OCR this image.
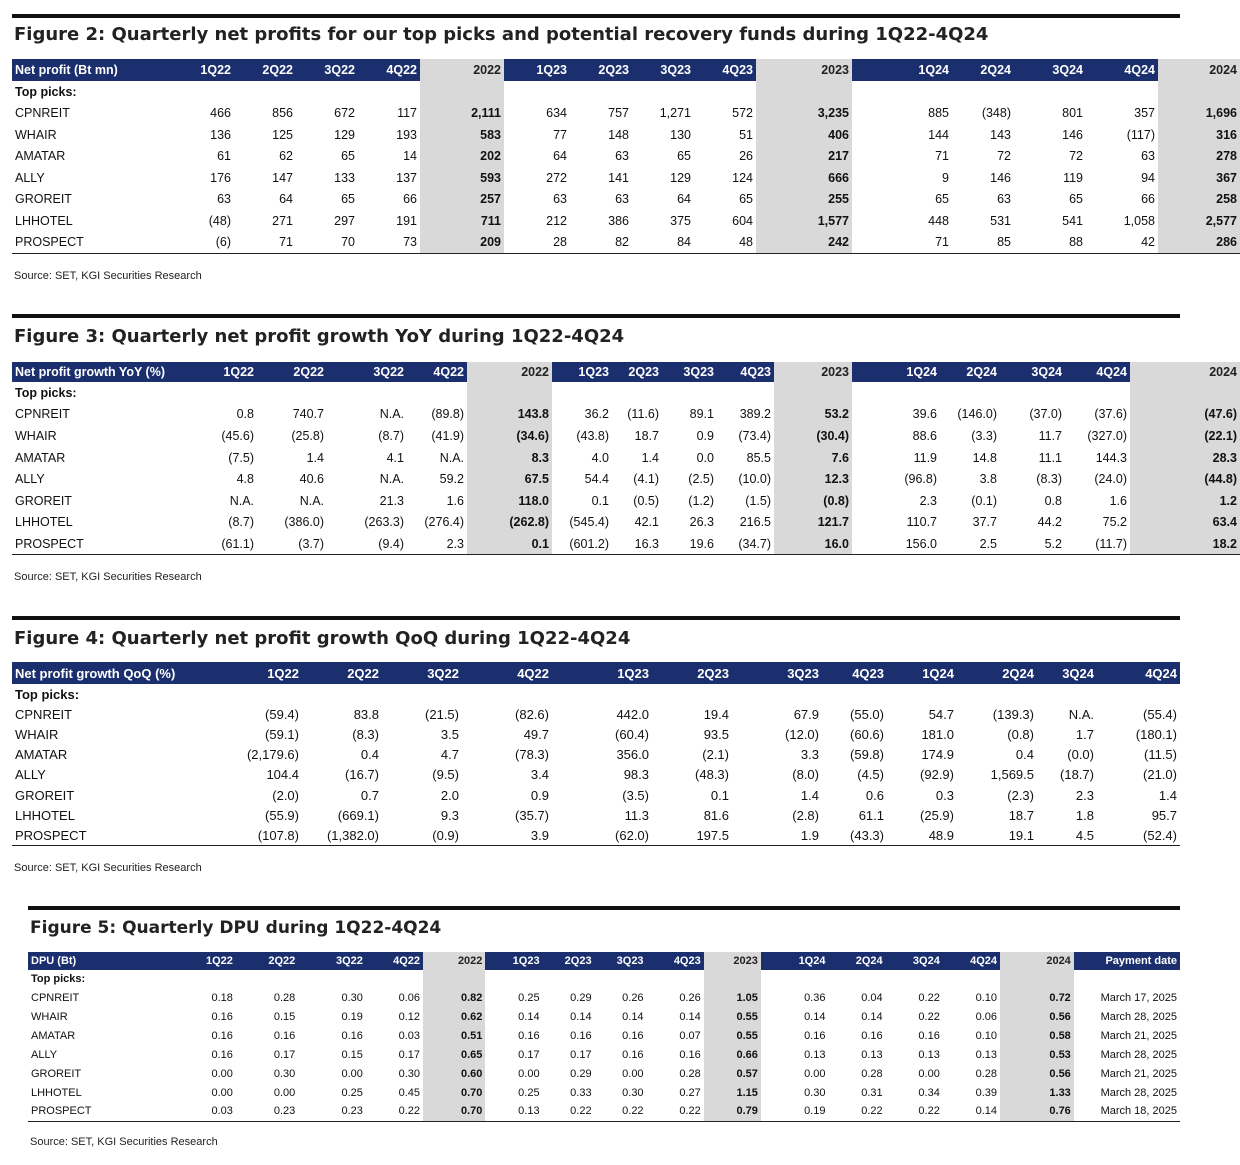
Figure 2: Quarterly net profits for our top picks and potential recovery funds during 1Q22-4Q24
Net profit (Bt mn)	1Q22	2Q22	3Q22	4Q22	2022	1Q23	2Q23	3Q23	4Q23	2023	1Q24	2Q24	3Q24	4Q24	2024
Top picks:															
CPNREIT	466	856	672	117	2,111	634	757	1,271	572	3,235	885	(348)	801	357	1,696
WHAIR	136	125	129	193	583	77	148	130	51	406	144	143	146	(117)	316
AMATAR	61	62	65	14	202	64	63	65	26	217	71	72	72	63	278
ALLY	176	147	133	137	593	272	141	129	124	666	9	146	119	94	367
GROREIT	63	64	65	66	257	63	63	64	65	255	65	63	65	66	258
LHHOTEL	(48)	271	297	191	711	212	386	375	604	1,577	448	531	541	1,058	2,577
PROSPECT	(6)	71	70	73	209	28	82	84	48	242	71	85	88	42	286
Source: SET, KGI Securities Research
Figure 3: Quarterly net profit growth YoY during 1Q22-4Q24
Net profit growth YoY (%)	1Q22	2Q22	3Q22	4Q22	2022	1Q23	2Q23	3Q23	4Q23	2023	1Q24	2Q24	3Q24	4Q24	2024
Top picks:															
CPNREIT	0.8	740.7	N.A.	(89.8)	143.8	36.2	(11.6)	89.1	389.2	53.2	39.6	(146.0)	(37.0)	(37.6)	(47.6)
WHAIR	(45.6)	(25.8)	(8.7)	(41.9)	(34.6)	(43.8)	18.7	0.9	(73.4)	(30.4)	88.6	(3.3)	11.7	(327.0)	(22.1)
AMATAR	(7.5)	1.4	4.1	N.A.	8.3	4.0	1.4	0.0	85.5	7.6	11.9	14.8	11.1	144.3	28.3
ALLY	4.8	40.6	N.A.	59.2	67.5	54.4	(4.1)	(2.5)	(10.0)	12.3	(96.8)	3.8	(8.3)	(24.0)	(44.8)
GROREIT	N.A.	N.A.	21.3	1.6	118.0	0.1	(0.5)	(1.2)	(1.5)	(0.8)	2.3	(0.1)	0.8	1.6	1.2
LHHOTEL	(8.7)	(386.0)	(263.3)	(276.4)	(262.8)	(545.4)	42.1	26.3	216.5	121.7	110.7	37.7	44.2	75.2	63.4
PROSPECT	(61.1)	(3.7)	(9.4)	2.3	0.1	(601.2)	16.3	19.6	(34.7)	16.0	156.0	2.5	5.2	(11.7)	18.2
Source: SET, KGI Securities Research
Figure 4: Quarterly net profit growth QoQ during 1Q22-4Q24
Net profit growth QoQ (%)	1Q22	2Q22	3Q22	4Q22	1Q23	2Q23	3Q23	4Q23	1Q24	2Q24	3Q24	4Q24
Top picks:												
CPNREIT	(59.4)	83.8	(21.5)	(82.6)	442.0	19.4	67.9	(55.0)	54.7	(139.3)	N.A.	(55.4)
WHAIR	(59.1)	(8.3)	3.5	49.7	(60.4)	93.5	(12.0)	(60.6)	181.0	(0.8)	1.7	(180.1)
AMATAR	(2,179.6)	0.4	4.7	(78.3)	356.0	(2.1)	3.3	(59.8)	174.9	0.4	(0.0)	(11.5)
ALLY	104.4	(16.7)	(9.5)	3.4	98.3	(48.3)	(8.0)	(4.5)	(92.9)	1,569.5	(18.7)	(21.0)
GROREIT	(2.0)	0.7	2.0	0.9	(3.5)	0.1	1.4	0.6	0.3	(2.3)	2.3	1.4
LHHOTEL	(55.9)	(669.1)	9.3	(35.7)	11.3	81.6	(2.8)	61.1	(25.9)	18.7	1.8	95.7
PROSPECT	(107.8)	(1,382.0)	(0.9)	3.9	(62.0)	197.5	1.9	(43.3)	48.9	19.1	4.5	(52.4)
Source: SET, KGI Securities Research
Figure 5: Quarterly DPU during 1Q22-4Q24
DPU (Bt)	1Q22	2Q22	3Q22	4Q22	2022	1Q23	2Q23	3Q23	4Q23	2023	1Q24	2Q24	3Q24	4Q24	2024	Payment date
Top picks:																
CPNREIT	0.18	0.28	0.30	0.06	0.82	0.25	0.29	0.26	0.26	1.05	0.36	0.04	0.22	0.10	0.72	March 17, 2025
WHAIR	0.16	0.15	0.19	0.12	0.62	0.14	0.14	0.14	0.14	0.55	0.14	0.14	0.22	0.06	0.56	March 28, 2025
AMATAR	0.16	0.16	0.16	0.03	0.51	0.16	0.16	0.16	0.07	0.55	0.16	0.16	0.16	0.10	0.58	March 21, 2025
ALLY	0.16	0.17	0.15	0.17	0.65	0.17	0.17	0.16	0.16	0.66	0.13	0.13	0.13	0.13	0.53	March 28, 2025
GROREIT	0.00	0.30	0.00	0.30	0.60	0.00	0.29	0.00	0.28	0.57	0.00	0.28	0.00	0.28	0.56	March 21, 2025
LHHOTEL	0.00	0.00	0.25	0.45	0.70	0.25	0.33	0.30	0.27	1.15	0.30	0.31	0.34	0.39	1.33	March 28, 2025
PROSPECT	0.03	0.23	0.23	0.22	0.70	0.13	0.22	0.22	0.22	0.79	0.19	0.22	0.22	0.14	0.76	March 18, 2025
Source: SET, KGI Securities Research
